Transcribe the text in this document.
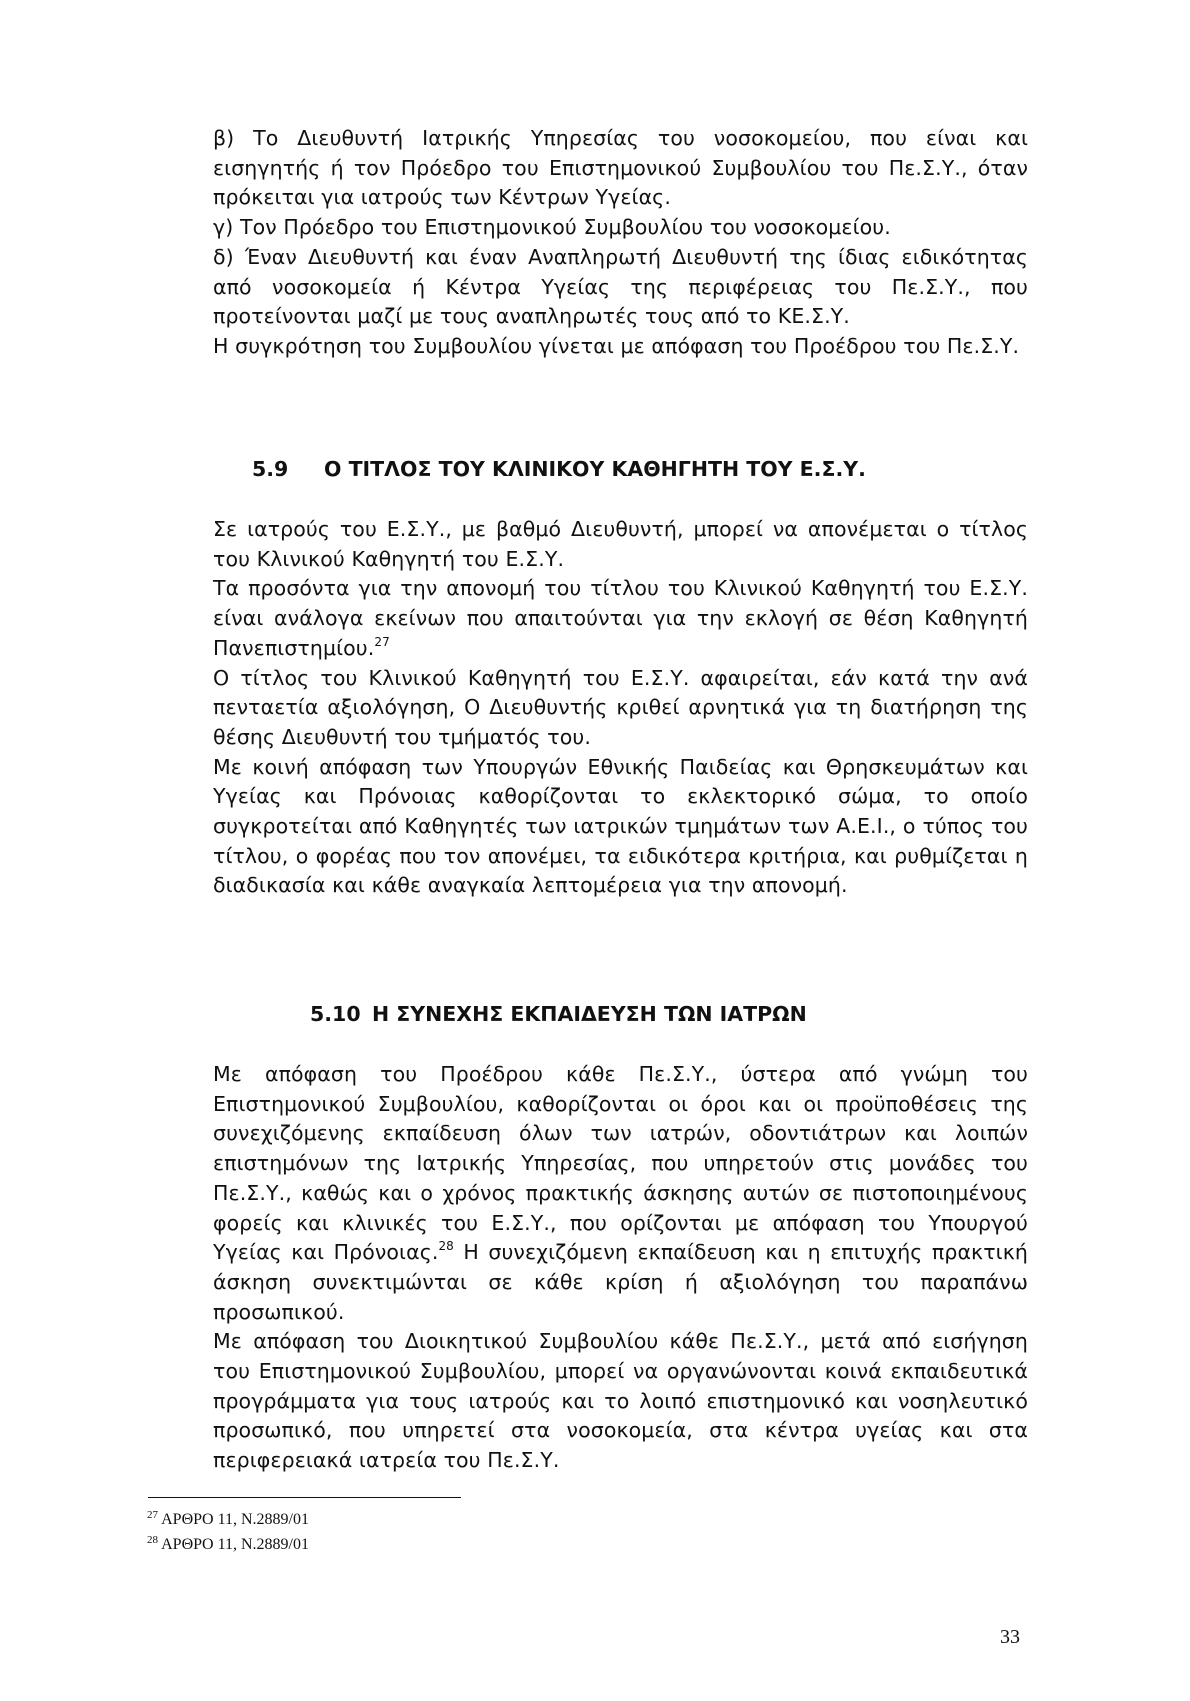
β) Το Διευθυντή Ιατρικής Υπηρεσίας του νοσοκομείου, που είναι και εισηγητής ή τον Πρόεδρο του Επιστημονικού Συμβουλίου του Πε.Σ.Υ., όταν πρόκειται για ιατρούς των Κέντρων Υγείας.

γ) Τον Πρόεδρο του Επιστημονικού Συμβουλίου του νοσοκομείου.

δ) Έναν Διευθυντή και έναν Αναπληρωτή Διευθυντή της ίδιας ειδικότητας από νοσοκομεία ή Κέντρα Υγείας της περιφέρειας του Πε.Σ.Υ., που προτείνονται μαζί με τους αναπληρωτές τους από το ΚΕ.Σ.Υ.

Η συγκρότηση του Συμβουλίου γίνεται με απόφαση του Προέδρου του Πε.Σ.Υ.

5.9 Ο ΤΙΤΛΟΣ ΤΟΥ ΚΛΙΝΙΚΟΥ ΚΑΘΗΓΗΤΗ ΤΟΥ Ε.Σ.Υ.

Σε ιατρούς του Ε.Σ.Υ., με βαθμό Διευθυντή, μπορεί να απονέμεται ο τίτλος του Κλινικού Καθηγητή του Ε.Σ.Υ.

Τα προσόντα για την απονομή του τίτλου του Κλινικού Καθηγητή του Ε.Σ.Υ. είναι ανάλογα εκείνων που απαιτούνται για την εκλογή σε θέση Καθηγητή Πανεπιστημίου.$^{27}$

Ο τίτλος του Κλινικού Καθηγητή του Ε.Σ.Υ. αφαιρείται, εάν κατά την ανά πενταετία αξιολόγηση, Ο Διευθυντής κριθεί αρνητικά για τη διατήρηση της θέσης Διευθυντή του τμήματός του.

Με κοινή απόφαση των Υπουργών Εθνικής Παιδείας και Θρησκευμάτων και Υγείας και Πρόνοιας καθορίζονται το εκλεκτορικό σώμα, το οποίο συγκροτείται από Καθηγητές των ιατρικών τμημάτων των Α.Ε.Ι., ο τύπος του τίτλου, ο φορέας που τον απονέμει, τα ειδικότερα κριτήρια, και ρυθμίζεται η διαδικασία και κάθε αναγκαία λεπτομέρεια για την απονομή.

5.10 Η ΣΥΝΕΧΗΣ ΕΚΠΑΙΔΕΥΣΗ ΤΩΝ ΙΑΤΡΩΝ

Με απόφαση του Προέδρου κάθε Πε.Σ.Υ., ύστερα από γνώμη του Επιστημονικού Συμβουλίου, καθορίζονται οι όροι και οι προϋποθέσεις της συνεχιζόμενης εκπαίδευση όλων των ιατρών, οδοντιάτρων και λοιπών επιστημόνων της Ιατρικής Υπηρεσίας, που υπηρετούν στις μονάδες του Πε.Σ.Υ., καθώς και ο χρόνος πρακτικής άσκησης αυτών σε πιστοποιημένους φορείς και κλινικές του Ε.Σ.Υ., που ορίζονται με απόφαση του Υπουργού Υγείας και Πρόνοιας.$^{28}$ Η συνεχιζόμενη εκπαίδευση και η επιτυχής πρακτική άσκηση συνεκτιμώνται σε κάθε κρίση ή αξιολόγηση του παραπάνω προσωπικού.

Με απόφαση του Διοικητικού Συμβουλίου κάθε Πε.Σ.Υ., μετά από εισήγηση του Επιστημονικού Συμβουλίου, μπορεί να οργανώνονται κοινά εκπαιδευτικά προγράμματα για τους ιατρούς και το λοιπό επιστημονικό και νοσηλευτικό προσωπικό, που υπηρετεί στα νοσοκομεία, στα κέντρα υγείας και στα περιφερειακά ιατρεία του Πε.Σ.Υ.

$^{27}$ ΑΡΘΡΟ 11, Ν.2889/01
$^{28}$ ΑΡΘΡΟ 11, Ν.2889/01
33
